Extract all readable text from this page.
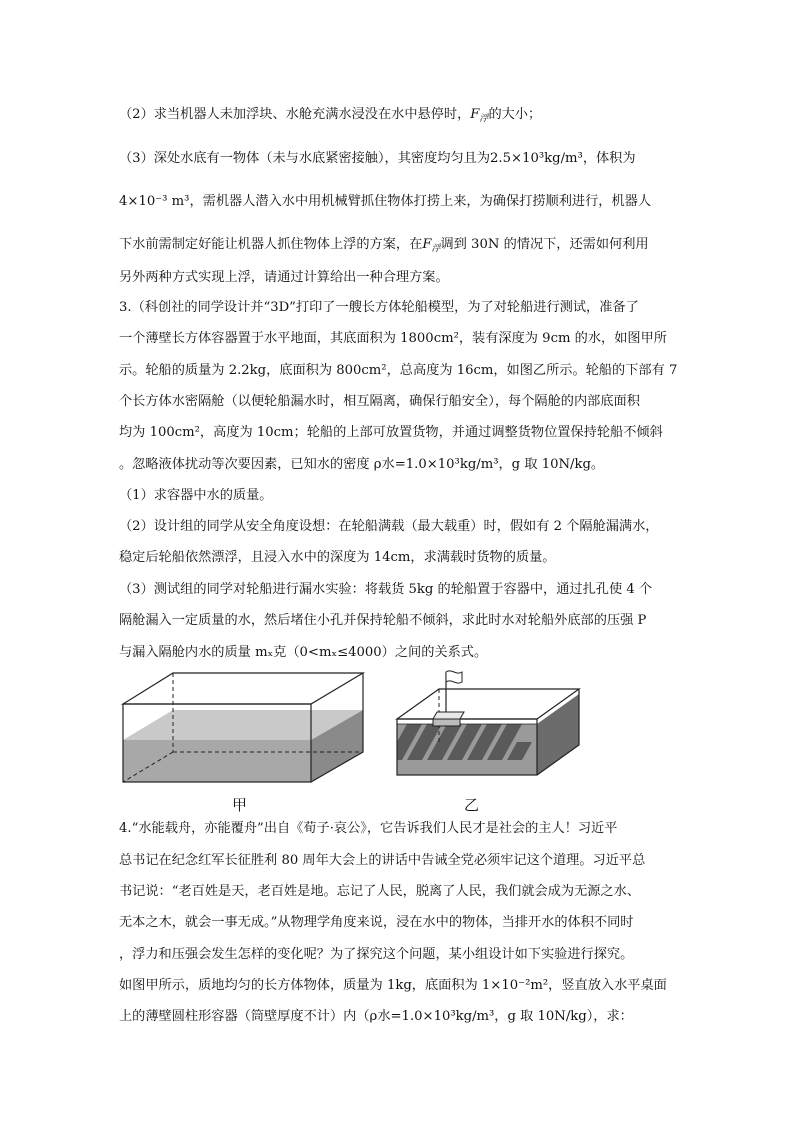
（2）求当机器人未加浮块、水舱充满水浸没在水中悬停时，$F_浮$的大小；
（3）深处水底有一物体（未与水底紧密接触），其密度均匀且为2.5×10³kg/m³，体积为
4×10⁻³ m³，需机器人潜入水中用机械臂抓住物体打捞上来，为确保打捞顺利进行，机器人
下水前需制定好能让机器人抓住物体上浮的方案，在$F_浮$调到 30N 的情况下，还需如何利用
另外两种方式实现上浮，请通过计算给出一种合理方案。
3.（科创社的同学设计并“3D”打印了一艘长方体轮船模型，为了对轮船进行测试，准备了
一个薄壁长方体容器置于水平地面，其底面积为 1800cm²，装有深度为 9cm 的水，如图甲所
示。轮船的质量为 2.2kg，底面积为 800cm²，总高度为 16cm，如图乙所示。轮船的下部有 7
个长方体水密隔舱（以便轮船漏水时，相互隔离，确保行船安全），每个隔舱的内部底面积
均为 100cm²，高度为 10cm；轮船的上部可放置货物，并通过调整货物位置保持轮船不倾斜
。忽略液体扰动等次要因素，已知水的密度 ρ水=1.0×10³kg/m³，g 取 10N/kg。
（1）求容器中水的质量。
（2）设计组的同学从安全角度设想：在轮船满载（最大载重）时，假如有 2 个隔舱漏满水，
稳定后轮船依然漂浮，且浸入水中的深度为 14cm，求满载时货物的质量。
（3）测试组的同学对轮船进行漏水实验：将载货 5kg 的轮船置于容器中，通过扎孔使 4 个
隔舱漏入一定质量的水，然后堵住小孔并保持轮船不倾斜，求此时水对轮船外底部的压强 P
与漏入隔舱内水的质量 mₓ克（0<mₓ≤4000）之间的关系式。
4.“水能载舟，亦能覆舟”出自《荀子·哀公》，它告诉我们人民才是社会的主人！习近平
总书记在纪念红军长征胜利 80 周年大会上的讲话中告诫全党必须牢记这个道理。习近平总
书记说：“老百姓是天，老百姓是地。忘记了人民，脱离了人民，我们就会成为无源之水、
无本之木，就会一事无成。”从物理学角度来说，浸在水中的物体，当排开水的体积不同时
，浮力和压强会发生怎样的变化呢？为了探究这个问题，某小组设计如下实验进行探究。
如图甲所示，质地均匀的长方体物体，质量为 1kg，底面积为 1×10⁻²m²，竖直放入水平桌面
上的薄壁圆柱形容器（筒壁厚度不计）内（ρ水=1.0×10³kg/m³，g 取 10N/kg），求：
甲	乙
